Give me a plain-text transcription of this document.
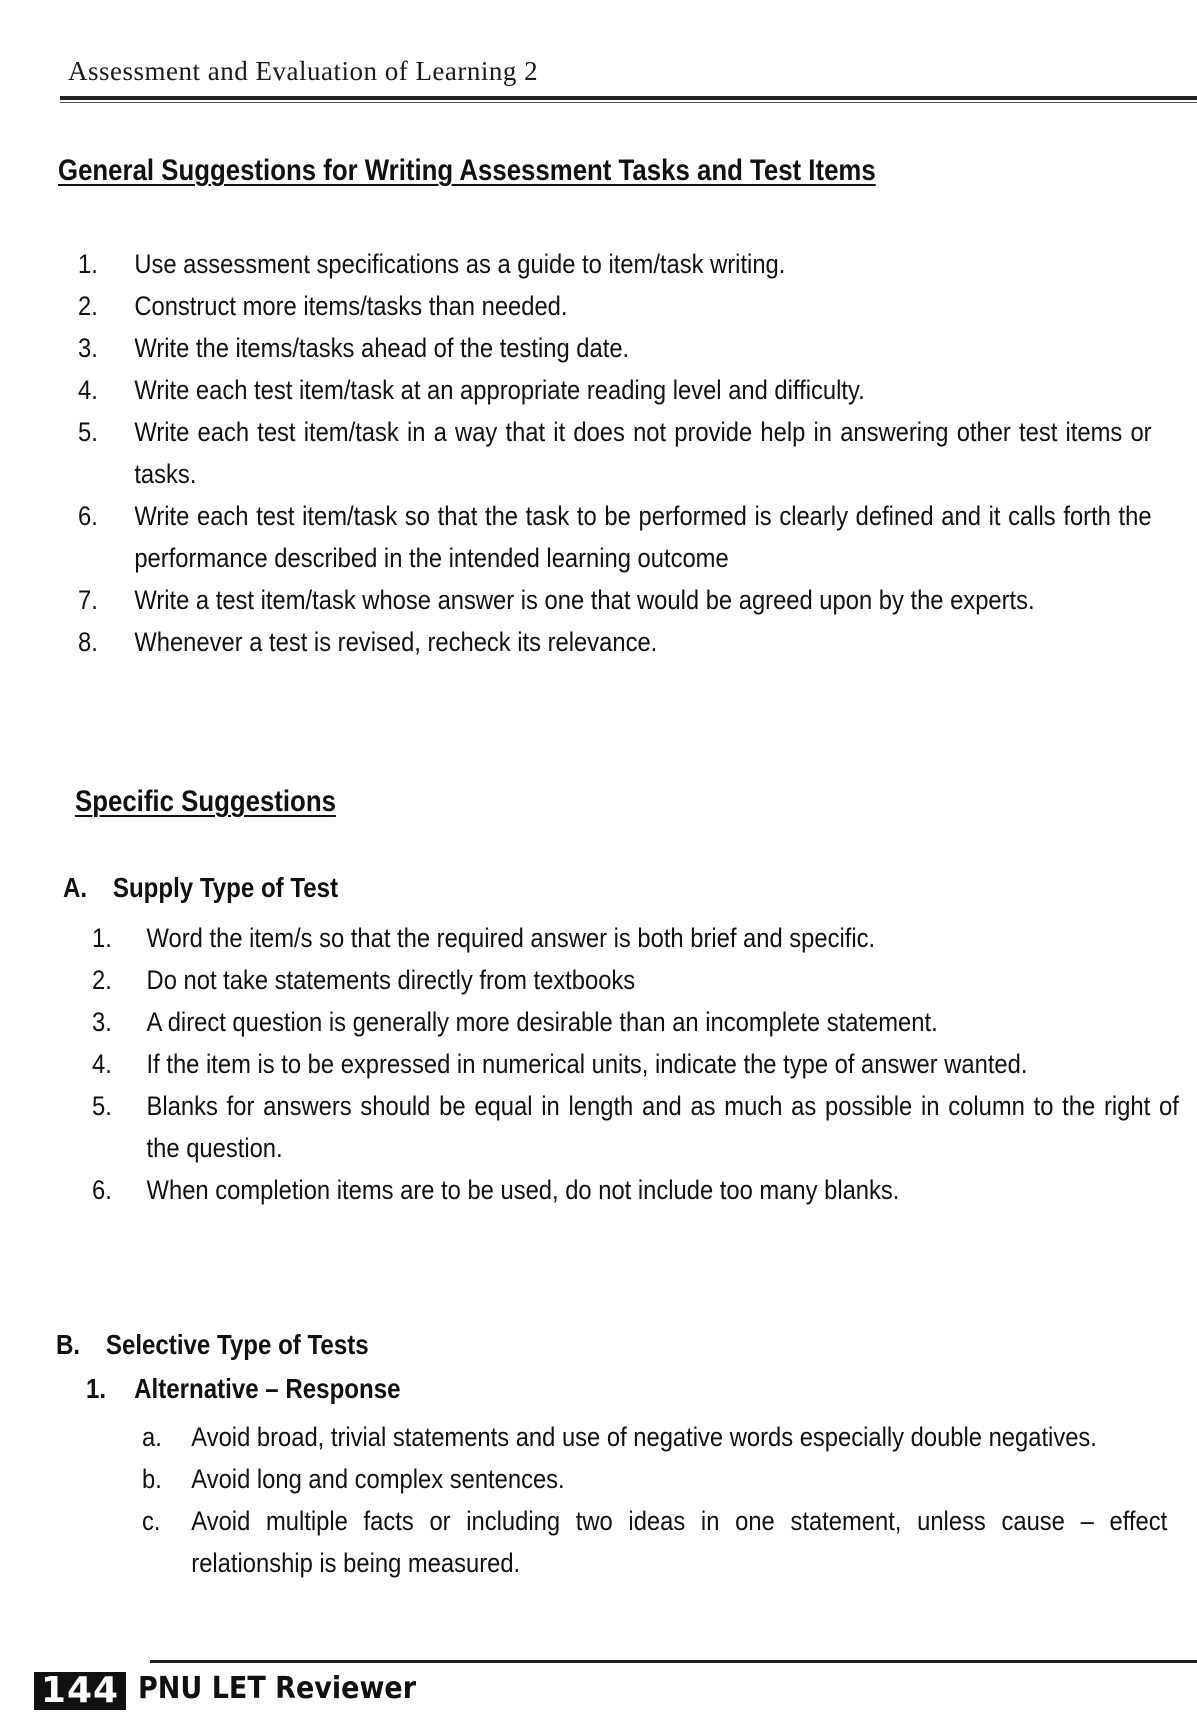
Assessment and Evaluation of Learning 2
General Suggestions for Writing Assessment Tasks and Test Items
1. Use assessment specifications as a guide to item/task writing.
2. Construct more items/tasks than needed.
3. Write the items/tasks ahead of the testing date.
4. Write each test item/task at an appropriate reading level and difficulty.
5. Write each test item/task in a way that it does not provide help in answering other test items or tasks.
6. Write each test item/task so that the task to be performed is clearly defined and it calls forth the performance described in the intended learning outcome
7. Write a test item/task whose answer is one that would be agreed upon by the experts.
8. Whenever a test is revised, recheck its relevance.
Specific Suggestions
A. Supply Type of Test
1. Word the item/s so that the required answer is both brief and specific.
2. Do not take statements directly from textbooks
3. A direct question is generally more desirable than an incomplete statement.
4. If the item is to be expressed in numerical units, indicate the type of answer wanted.
5. Blanks for answers should be equal in length and as much as possible in column to the right of the question.
6. When completion items are to be used, do not include too many blanks.
B. Selective Type of Tests
1. Alternative – Response
a. Avoid broad, trivial statements and use of negative words especially double negatives.
b. Avoid long and complex sentences.
c. Avoid multiple facts or including two ideas in one statement, unless cause – effect relationship is being measured.
144 PNU LET Reviewer
